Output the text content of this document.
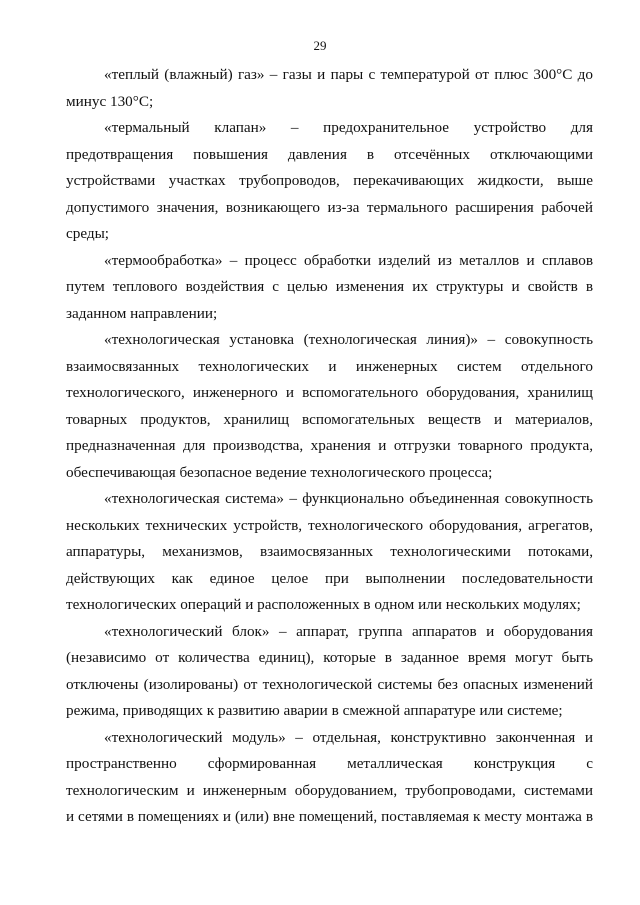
29
«теплый (влажный) газ» – газы и пары с температурой от плюс 300°С до
минус 130°С;
«термальный клапан» – предохранительное устройство для
предотвращения повышения давления в отсечённых отключающими
устройствами участках трубопроводов, перекачивающих жидкости, выше
допустимого значения, возникающего из-за термального расширения рабочей
среды;
«термообработка» – процесс обработки изделий из металлов и сплавов
путем теплового воздействия с целью изменения их структуры и свойств в
заданном направлении;
«технологическая установка (технологическая линия)» – совокупность
взаимосвязанных технологических и инженерных систем отдельного
технологического, инженерного и вспомогательного оборудования, хранилищ
товарных продуктов, хранилищ вспомогательных веществ и материалов,
предназначенная для производства, хранения и отгрузки товарного продукта,
обеспечивающая безопасное ведение технологического процесса;
«технологическая система» – функционально объединенная совокупность
нескольких технических устройств, технологического оборудования, агрегатов,
аппаратуры, механизмов, взаимосвязанных технологическими потоками,
действующих как единое целое при выполнении последовательности
технологических операций и расположенных в одном или нескольких модулях;
«технологический блок» – аппарат, группа аппаратов и оборудования
(независимо от количества единиц), которые в заданное время могут быть
отключены (изолированы) от технологической системы без опасных изменений
режима, приводящих к развитию аварии в смежной аппаратуре или системе;
«технологический модуль» – отдельная, конструктивно законченная и
пространственно сформированная металлическая конструкция с
технологическим и инженерным оборудованием, трубопроводами, системами
и сетями в помещениях и (или) вне помещений, поставляемая к месту монтажа в
